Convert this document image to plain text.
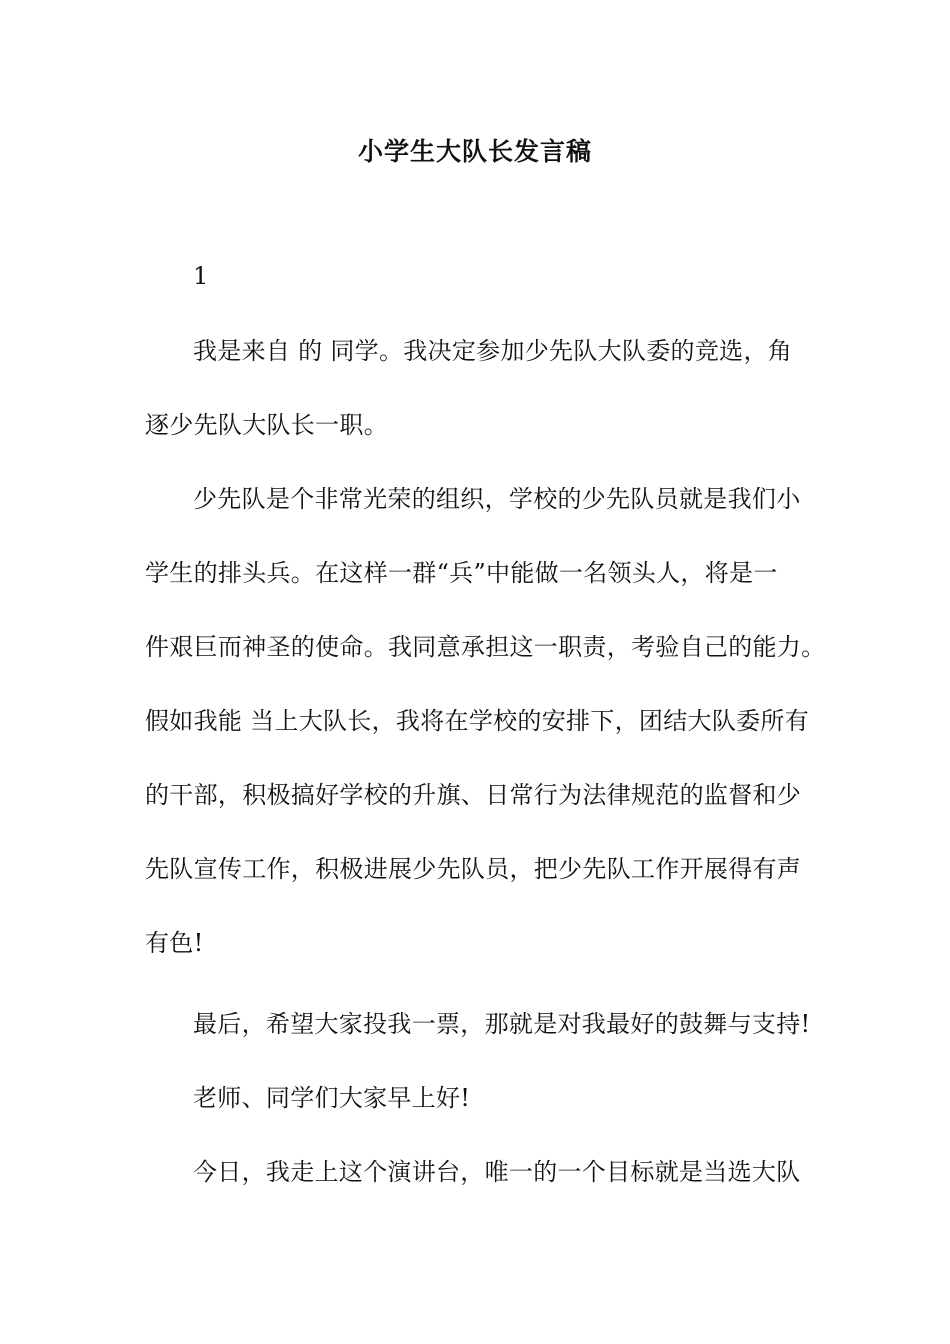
小学生大队长发言稿
1
我是来自 的 同学。我决定参加少先队大队委的竞选，角
逐少先队大队长一职。
少先队是个非常光荣的组织，学校的少先队员就是我们小
学生的排头兵。在这样一群“兵”中能做一名领头人，将是一
件艰巨而神圣的使命。我同意承担这一职责，考验自己的能力。
假如我能 当上大队长，我将在学校的安排下，团结大队委所有
的干部，积极搞好学校的升旗、日常行为法律规范的监督和少
先队宣传工作，积极进展少先队员，把少先队工作开展得有声
有色!
最后，希望大家投我一票，那就是对我最好的鼓舞与支持!
老师、同学们大家早上好!
今日，我走上这个演讲台，唯一的一个目标就是当选大队
